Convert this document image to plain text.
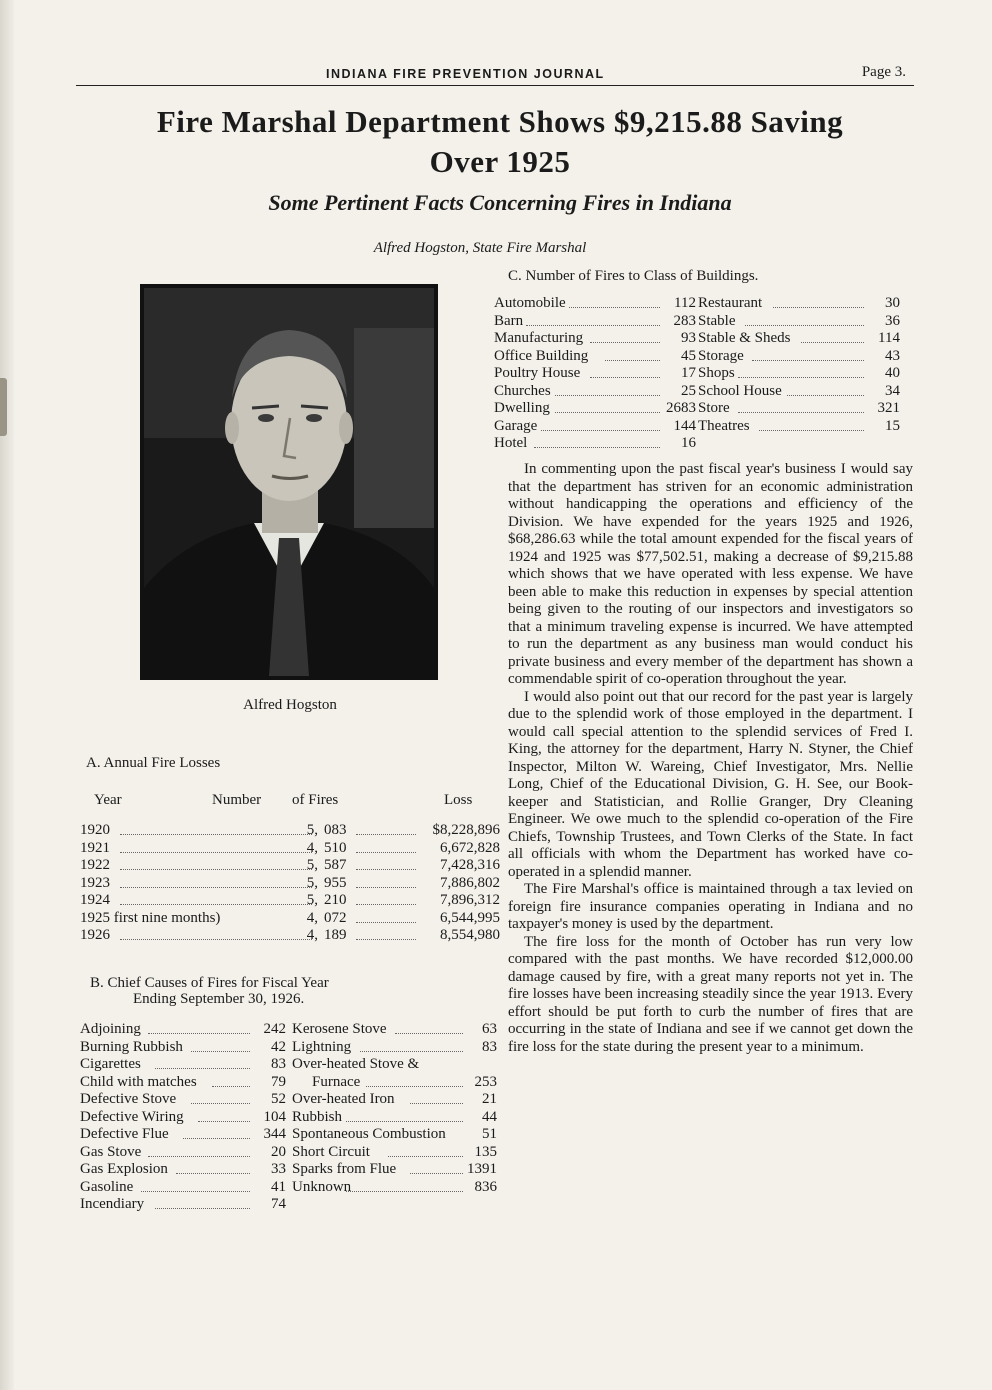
INDIANA FIRE PREVENTION JOURNAL	Page 3.
Fire Marshal Department Shows $9,215.88 Saving
Over 1925
Some Pertinent Facts Concerning Fires in Indiana
Alfred Hogston, State Fire Marshal
Alfred Hogston
A. Annual Fire Losses
Year	Number of Fires	Loss
1920	5, 083	$8,228,896
1921	4, 510	6,672,828
1922	5, 587	7,428,316
1923	5, 955	7,886,802
1924	5, 210	7,896,312
1925 first nine months)	4, 072	6,544,995
1926	4, 189	8,554,980
B. Chief Causes of Fires for Fiscal Year
Ending September 30, 1926.
Adjoining	242
Burning Rubbish	42
Cigarettes	83
Child with matches	79
Defective Stove	52
Defective Wiring	104
Defective Flue	344
Gas Stove	20
Gas Explosion	33
Gasoline	41
Incendiary	74
Kerosene Stove	63
Lightning	83
Over-heated Stove &
Furnace	253
Over-heated Iron	21
Rubbish	44
Spontaneous Combustion	51
Short Circuit	135
Sparks from Flue	1391
Unknown	836
C. Number of Fires to Class of Buildings.
Automobile	112
Barn	283
Manufacturing	93
Office Building	45
Poultry House	17
Churches	25
Dwelling	2683
Garage	144
Hotel	16
Restaurant	30
Stable	36
Stable & Sheds	114
Storage	43
Shops	40
School House	34
Store	321
Theatres	15

In commenting upon the past fiscal year's business I would say that the department has striven for an economic administration without handicapping the operations and efficiency of the Division. We have expended for the years 1925 and 1926, $68,286.63 while the total amount expended for the fiscal years of 1924 and 1925 was $77,502.51, making a decrease of $9,215.88 which shows that we have operated with less expense. We have been able to make this reduction in expenses by special attention being given to the routing of our inspectors and investigators so that a minimum traveling expense is incurred. We have attempted to run the department as any business man would conduct his private business and every member of the department has shown a commendable spirit of co-operation throughout the year.

I would also point out that our record for the past year is largely due to the splendid work of those employed in the department. I would call special attention to the splendid services of Fred I. King, the attorney for the department, Harry N. Styner, the Chief Inspector, Milton W. Wareing, Chief Investigator, Mrs. Nellie Long, Chief of the Educational Division, G. H. See, our Book-keeper and Statistician, and Rollie Granger, Dry Cleaning Engineer. We owe much to the splendid co-operation of the Fire Chiefs, Township Trustees, and Town Clerks of the State. In fact all officials with whom the Department has worked have co-operated in a splendid manner.

The Fire Marshal's office is maintained through a tax levied on foreign fire insurance companies operating in Indiana and no taxpayer's money is used by the department.

The fire loss for the month of October has run very low compared with the past months. We have recorded $12,000.00 damage caused by fire, with a great many reports not yet in. The fire losses have been increasing steadily since the year 1913. Every effort should be put forth to curb the number of fires that are occurring in the state of Indiana and see if we cannot get down the fire loss for the state during the present year to a minimum.
